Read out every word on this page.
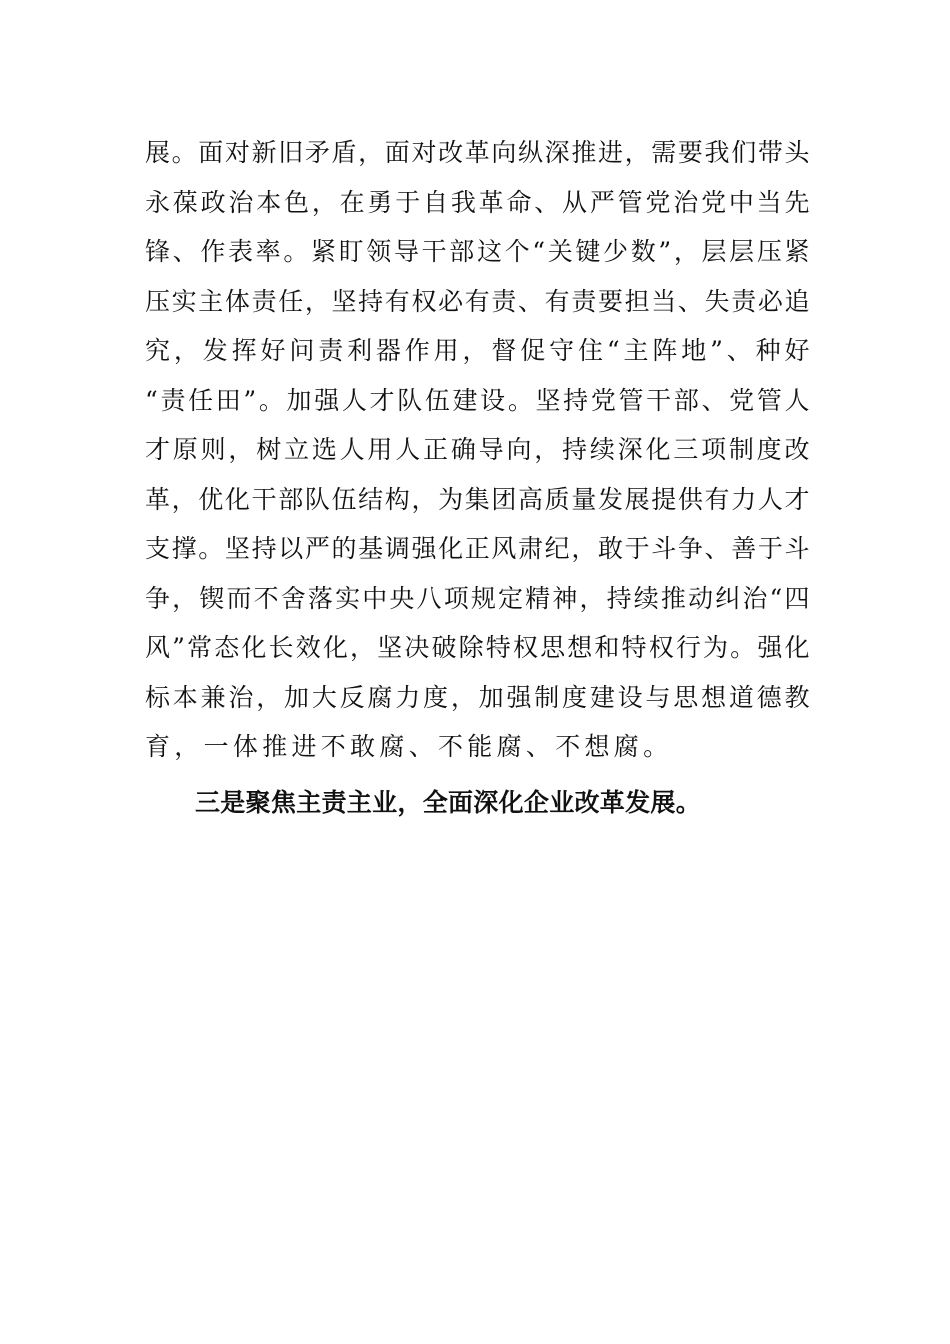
展。面对新旧矛盾，面对改革向纵深推进，需要我们带头
永葆政治本色，在勇于自我革命、从严管党治党中当先
锋、作表率。紧盯领导干部这个“关键少数”，层层压紧
压实主体责任，坚持有权必有责、有责要担当、失责必追
究，发挥好问责利器作用，督促守住“主阵地”、种好
“责任田”。加强人才队伍建设。坚持党管干部、党管人
才原则，树立选人用人正确导向，持续深化三项制度改
革，优化干部队伍结构，为集团高质量发展提供有力人才
支撑。坚持以严的基调强化正风肃纪，敢于斗争、善于斗
争，锲而不舍落实中央八项规定精神，持续推动纠治“四
风”常态化长效化，坚决破除特权思想和特权行为。强化
标本兼治，加大反腐力度，加强制度建设与思想道德教
育，一体推进不敢腐、不能腐、不想腐。

三是聚焦主责主业，全面深化企业改革发展。
